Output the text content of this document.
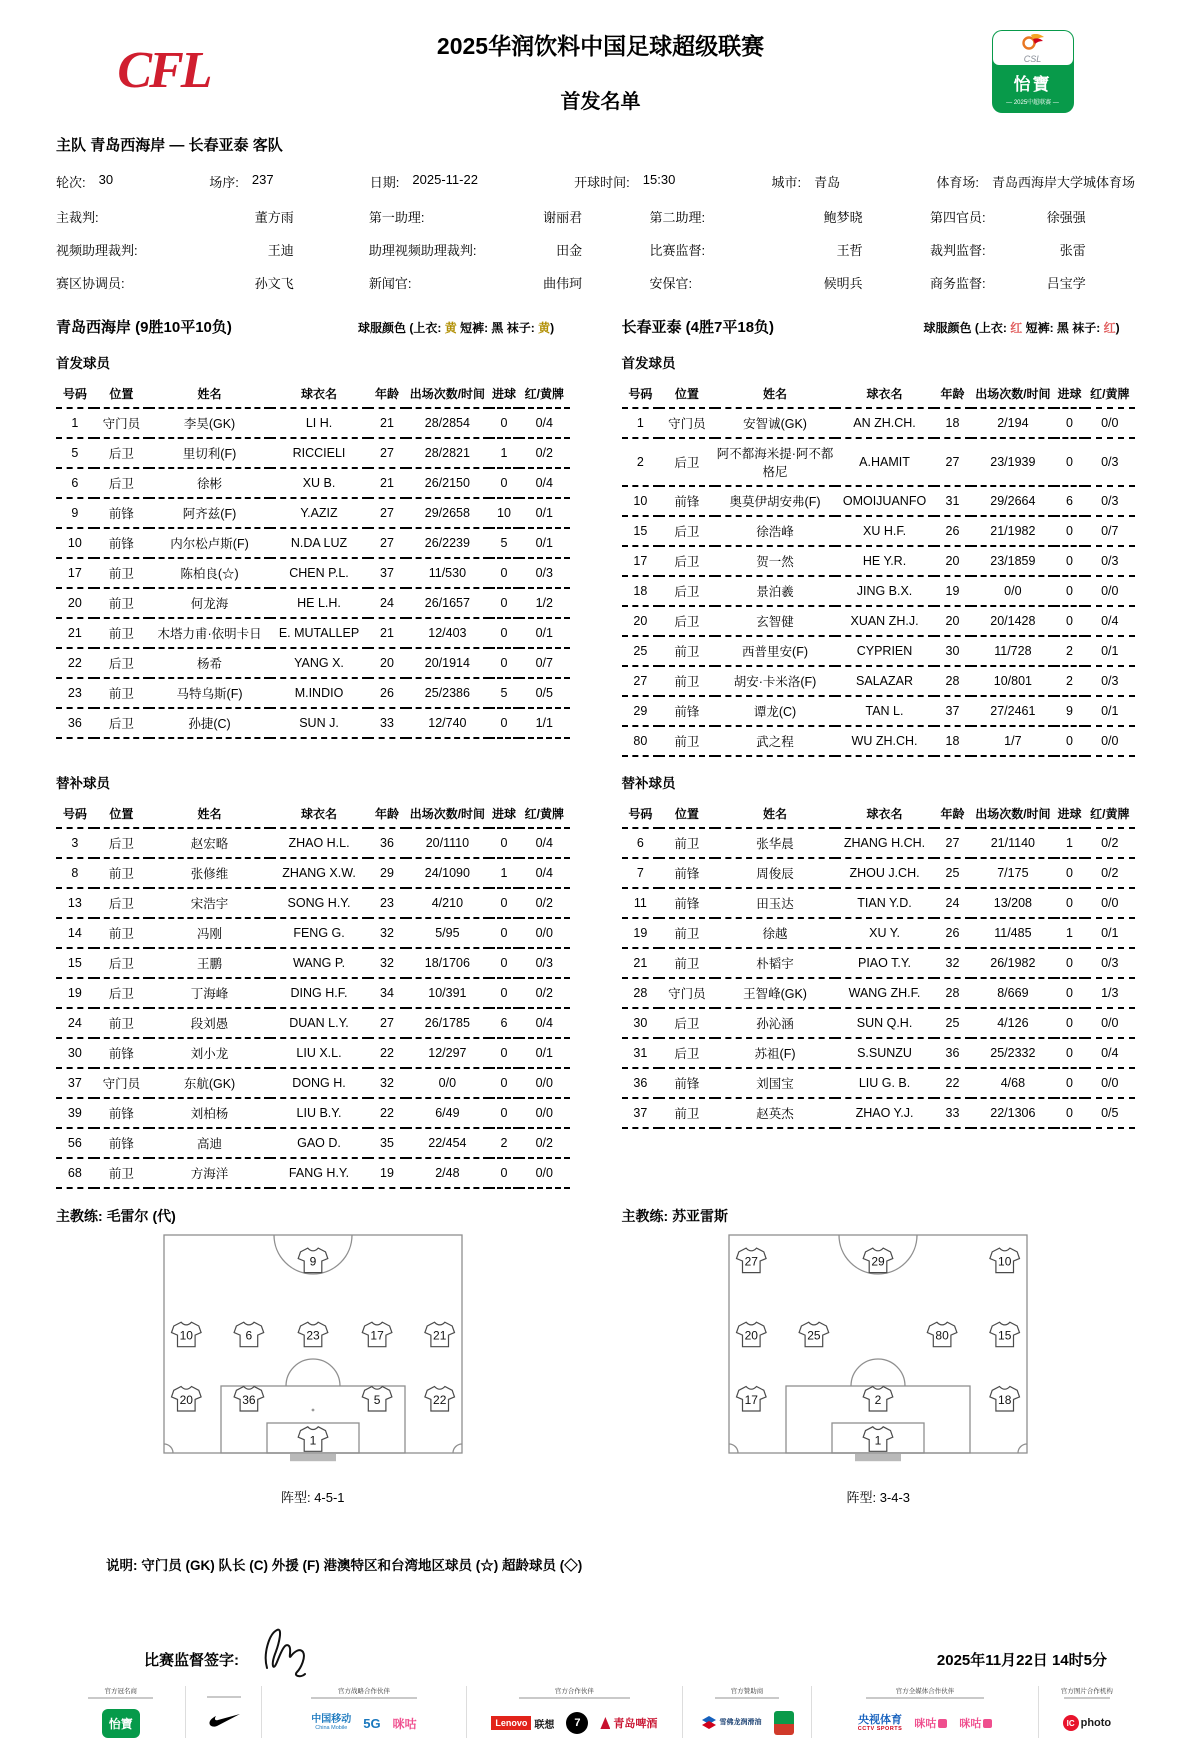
CFL	2025华润饮料中国足球超级联赛
首发名单
CSL
怡寶
— 2025中超联赛 —
主队 青岛西海岸 — 长春亚泰 客队
轮次: 30	场序: 237	日期: 2025-11-22	开球时间: 15:30	城市: 青岛	体育场: 青岛西海岸大学城体育场
主裁判:	董方雨	第一助理:	谢丽君	第二助理:	鲍梦晓	第四官员:	徐强强
视频助理裁判:	王迪	助理视频助理裁判:	田金	比赛监督:	王哲	裁判监督:	张雷
赛区协调员:	孙文飞	新闻官:	曲伟珂	安保官:	候明兵	商务监督:	吕宝学
青岛西海岸 (9胜10平10负)	球服颜色 (上衣: 黄 短裤: 黑 袜子: 黄)	长春亚泰 (4胜7平18负)	球服颜色 (上衣: 红 短裤: 黑 袜子: 红)
首发球员	首发球员
号码	位置	姓名	球衣名	年龄	出场次数/时间	进球	红/黄牌
1	守门员	李昊(GK)	LI H.	21	28/2854	0	0/4
5	后卫	里切利(F)	RICCIELI	27	28/2821	1	0/2
6	后卫	徐彬	XU B.	21	26/2150	0	0/4
9	前锋	阿齐兹(F)	Y.AZIZ	27	29/2658	10	0/1
10	前锋	内尔松卢斯(F)	N.DA LUZ	27	26/2239	5	0/1
17	前卫	陈柏良(☆)	CHEN P.L.	37	11/530	0	0/3
20	前卫	何龙海	HE L.H.	24	26/1657	0	1/2
21	前卫	木塔力甫·依明卡日	E. MUTALLEP	21	12/403	0	0/1
22	后卫	杨希	YANG X.	20	20/1914	0	0/7
23	前卫	马特乌斯(F)	M.INDIO	26	25/2386	5	0/5
36	后卫	孙捷(C)	SUN J.	33	12/740	0	1/1
号码	位置	姓名	球衣名	年龄	出场次数/时间	进球	红/黄牌
1	守门员	安智诚(GK)	AN ZH.CH.	18	2/194	0	0/0
2	后卫	阿不都海米提·阿不都格尼	A.HAMIT	27	23/1939	0	0/3
10	前锋	奥莫伊胡安弗(F)	OMOIJUANFO	31	29/2664	6	0/3
15	后卫	徐浩峰	XU H.F.	26	21/1982	0	0/7
17	后卫	贺一然	HE Y.R.	20	23/1859	0	0/3
18	后卫	景泊羲	JING B.X.	19	0/0	0	0/0
20	后卫	玄智健	XUAN ZH.J.	20	20/1428	0	0/4
25	前卫	西普里安(F)	CYPRIEN	30	11/728	2	0/1
27	前卫	胡安·卡米洛(F)	SALAZAR	28	10/801	2	0/3
29	前锋	谭龙(C)	TAN L.	37	27/2461	9	0/1
80	前卫	武之程	WU ZH.CH.	18	1/7	0	0/0
替补球员	替补球员
号码	位置	姓名	球衣名	年龄	出场次数/时间	进球	红/黄牌
3	后卫	赵宏略	ZHAO H.L.	36	20/1110	0	0/4
8	前卫	张修维	ZHANG X.W.	29	24/1090	1	0/4
13	后卫	宋浩宇	SONG H.Y.	23	4/210	0	0/2
14	前卫	冯刚	FENG G.	32	5/95	0	0/0
15	后卫	王鹏	WANG P.	32	18/1706	0	0/3
19	后卫	丁海峰	DING H.F.	34	10/391	0	0/2
24	前卫	段刘愚	DUAN L.Y.	27	26/1785	6	0/4
30	前锋	刘小龙	LIU X.L.	22	12/297	0	0/1
37	守门员	东航(GK)	DONG H.	32	0/0	0	0/0
39	前锋	刘柏杨	LIU B.Y.	22	6/49	0	0/0
56	前锋	高迪	GAO D.	35	22/454	2	0/2
68	前卫	方海洋	FANG H.Y.	19	2/48	0	0/0
号码	位置	姓名	球衣名	年龄	出场次数/时间	进球	红/黄牌
6	前卫	张华晨	ZHANG H.CH.	27	21/1140	1	0/2
7	前锋	周俊辰	ZHOU J.CH.	25	7/175	0	0/2
11	前锋	田玉达	TIAN Y.D.	24	13/208	0	0/0
19	前卫	徐越	XU Y.	26	11/485	1	0/1
21	前卫	朴韬宇	PIAO T.Y.	32	26/1982	0	0/3
28	守门员	王智峰(GK)	WANG ZH.F.	28	8/669	0	1/3
30	后卫	孙沁涵	SUN Q.H.	25	4/126	0	0/0
31	后卫	苏祖(F)	S.SUNZU	36	25/2332	0	0/4
36	前锋	刘国宝	LIU G. B.	22	4/68	0	0/0
37	前卫	赵英杰	ZHAO Y.J.	33	22/1306	0	0/5
主教练: 毛雷尔 (代)	主教练: 苏亚雷斯
9
10	6	23	17	21
20	36	5	22
1
27	29	10
20	25	80	15
17	2	18
1
阵型: 4-5-1	阵型: 3-4-3
说明: 守门员 (GK) 队长 (C) 外援 (F) 港澳特区和台湾地区球员 (☆) 超龄球员 (◇)
比赛监督签字:	2025年11月22日 14时5分
官方冠名商
怡寶
官方战略合作伙伴
中国移动
China Mobile	5G 咪咕
官方合作伙伴
Lenovo 联想	7	青岛啤酒
官方赞助商
雪佛龙润滑油
官方全媒体合作伙伴
央视体育
CCTV SPORTS 咪咕	咪咕
官方图片合作机构
IC photo
